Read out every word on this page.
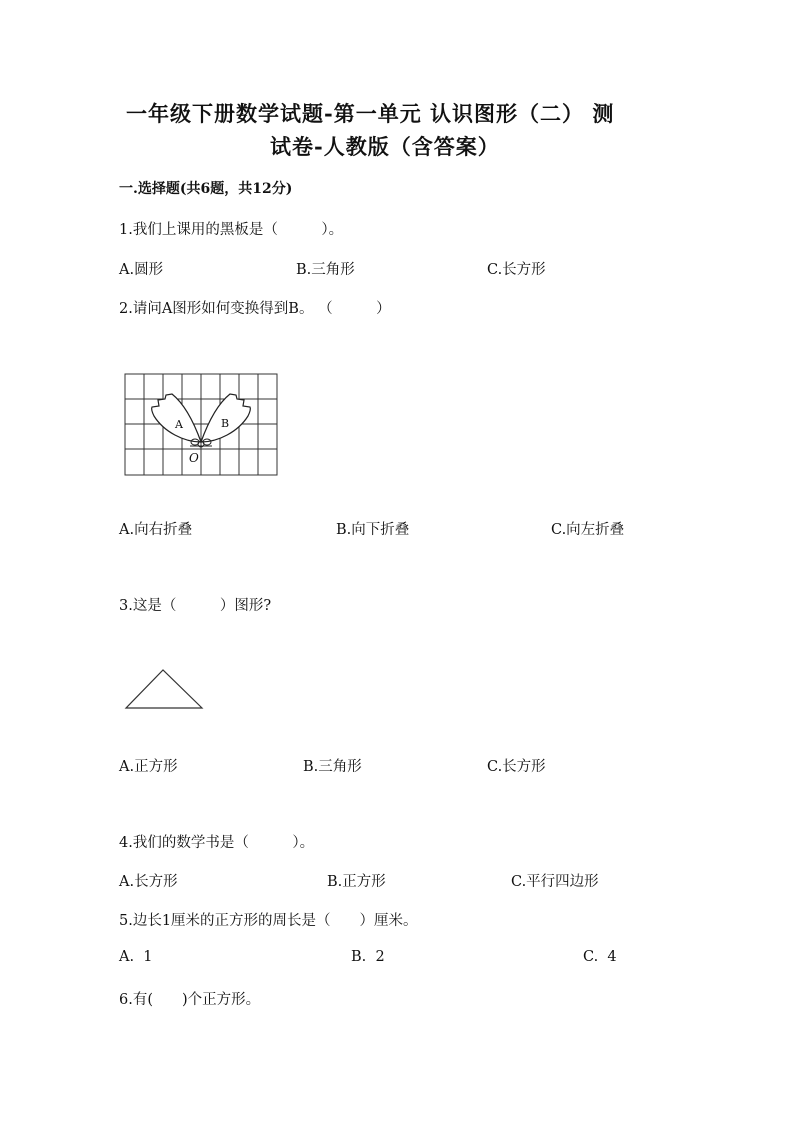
一年级下册数学试题-第一单元 认识图形（二） 测
试卷-人教版（含答案）
一.选择题(共6题，共12分)
1.我们上课用的黑板是（　　　）。
A.圆形	B.三角形	C.长方形
2.请问A图形如何变换得到B。 （　　　）
A	B
O
A.向右折叠	B.向下折叠	C.向左折叠
3.这是（　　　）图形?
A.正方形	B.三角形	C.长方形
4.我们的数学书是（　　　）。
A.长方形	B.正方形	C.平行四边形
5.边长1厘米的正方形的周长是（　　）厘米。
A.  1	B.  2	C.  4
6.有(　　)个正方形。
